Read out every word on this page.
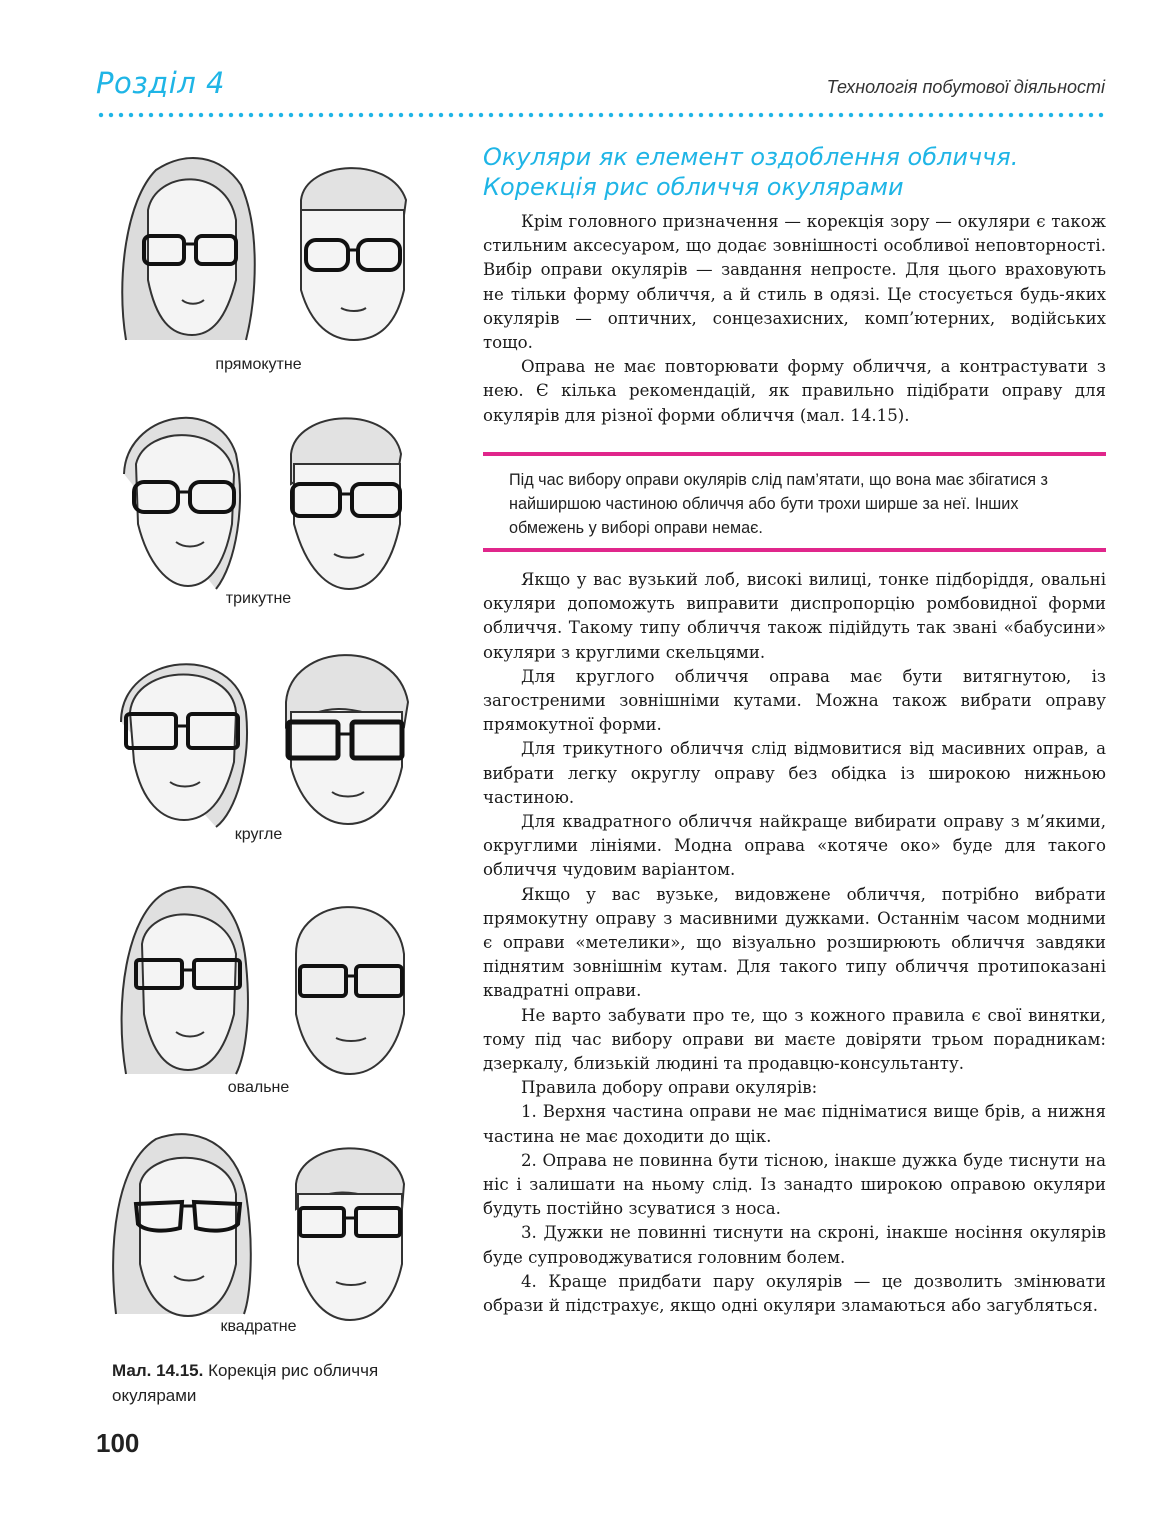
Розділ 4	Технологія побутової діяльності
прямокутне
трикутне
кругле
овальне
квадратне
Мал. 14.15. Корекція рис обличчя окулярами
100
Окуляри як елемент оздоблення обличчя.
Корекція рис обличчя окулярами

Крім головного призначення — корекція зору — окуляри є також стильним аксесуаром, що додає зовнішності особливої неповторності. Вибір оправи окулярів — завдання непросте. Для цього враховують не тільки форму обличчя, а й стиль в одязі. Це стосується будь-яких окулярів — оптичних, сонцезахисних, комп’ютерних, водійських тощо.

Оправа не має повторювати форму обличчя, а контрастувати з нею. Є кілька рекомендацій, як правильно підібрати оправу для окулярів для різної форми обличчя (мал. 14.15).

Під час вибору оправи окулярів слід пам’ятати, що вона має збігатися з найширшою частиною обличчя або бути трохи ширше за неї. Інших обмежень у виборі оправи немає.

Якщо у вас вузький лоб, високі вилиці, тонке підборіддя, овальні окуляри допоможуть виправити диспропорцію ромбовидної форми обличчя. Такому типу обличчя також підійдуть так звані «бабусини» окуляри з круглими скельцями.

Для круглого обличчя оправа має бути витягнутою, із загостреними зовнішніми кутами. Можна також вибрати оправу прямокутної форми.

Для трикутного обличчя слід відмовитися від масивних оправ, а вибрати легку округлу оправу без обідка із широкою нижньою частиною.

Для квадратного обличчя найкраще вибирати оправу з м’якими, округлими лініями. Модна оправа «котяче око» буде для такого обличчя чудовим варіантом.

Якщо у вас вузьке, видовжене обличчя, потрібно вибрати прямокутну оправу з масивними дужками. Останнім часом модними є оправи «метелики», що візуально розширюють обличчя завдяки піднятим зовнішнім кутам. Для такого типу обличчя протипоказані квадратні оправи.

Не варто забувати про те, що з кожного правила є свої винятки, тому під час вибору оправи ви маєте довіряти трьом порадникам: дзеркалу, близькій людині та продавцю-консультанту.

Правила добору оправи окулярів:

1. Верхня частина оправи не має підніматися вище брів, а нижня частина не має доходити до щік.

2. Оправа не повинна бути тісною, інакше дужка буде тиснути на ніс і залишати на ньому слід. Із занадто широкою оправою окуляри будуть постійно зсуватися з носа.

3. Дужки не повинні тиснути на скроні, інакше носіння окулярів буде супроводжуватися головним болем.

4. Краще придбати пару окулярів — це дозволить змінювати образи й підстрахує, якщо одні окуляри зламаються або загубляться.
